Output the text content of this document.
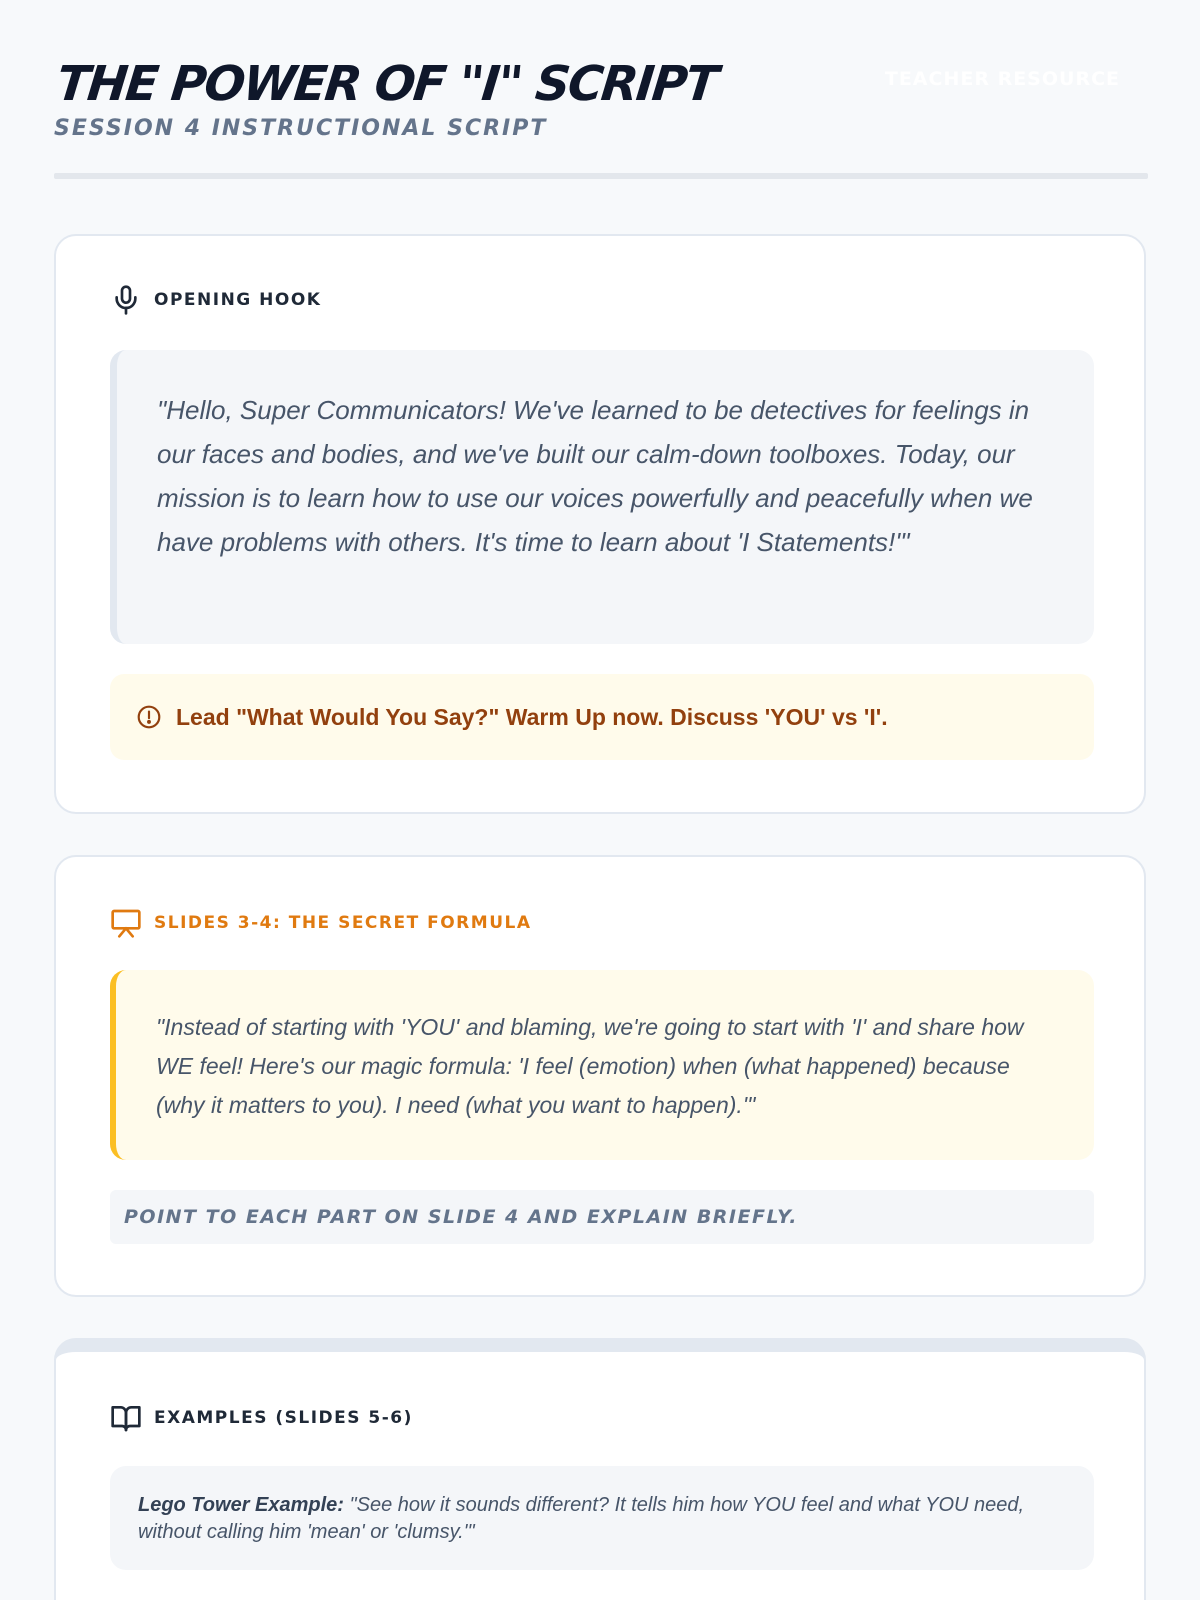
THE POWER OF "I" SCRIPT
SESSION 4 INSTRUCTIONAL SCRIPT
TEACHER RESOURCE
OPENING HOOK
"Hello, Super Communicators! We've learned to be detectives for feelings in our faces and bodies, and we've built our calm-down toolboxes. Today, our mission is to learn how to use our voices powerfully and peacefully when we have problems with others. It's time to learn about 'I Statements!'"
Lead "What Would You Say?" Warm Up now. Discuss 'YOU' vs 'I'.
SLIDES 3-4: THE SECRET FORMULA
"Instead of starting with 'YOU' and blaming, we're going to start with 'I' and share how WE feel! Here's our magic formula: 'I feel (emotion) when (what happened) because (why it matters to you). I need (what you want to happen).'"
POINT TO EACH PART ON SLIDE 4 AND EXPLAIN BRIEFLY.
EXAMPLES (SLIDES 5-6)
Lego Tower Example: "See how it sounds different? It tells him how YOU feel and what YOU need, without calling him 'mean' or 'clumsy.'"
